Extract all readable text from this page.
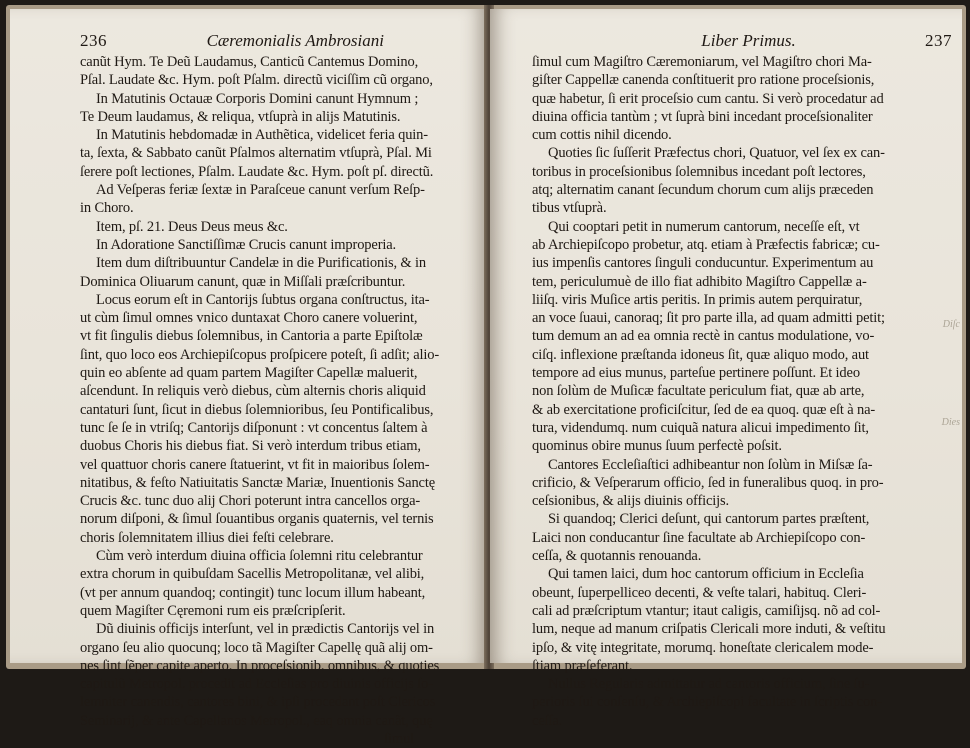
236	Cæremonialis Ambrosiani
canũt Hym. Te Deũ Laudamus, Canticũ Cantemus Domino,
Pſal. Laudate &c. Hym. poſt Pſalm. directũ viciſſim cũ organo,
In Matutinis Octauæ Corporis Domini canunt Hymnum ;
Te Deum laudamus, & reliqua, vtſuprà in alijs Matutinis.
In Matutinis hebdomadæ in Authẽtica, videlicet feria quin-
ta, ſexta, & Sabbato canũt Pſalmos alternatim vtſuprà, Pſal. Mi
ſerere poſt lectiones, Pſalm. Laudate &c. Hym. poſt pſ. directũ.
Ad Veſperas feriæ ſextæ in Paraſceue canunt verſum Reſp-
in Choro.
Item, pſ. 21. Deus Deus meus &c.
In Adoratione Sanctiſſimæ Crucis canunt improperia.
Item dum diſtribuuntur Candelæ in die Purificationis, & in
Dominica Oliuarum canunt, quæ in Miſſali præſcribuntur.
Locus eorum eſt in Cantorijs ſubtus organa conſtructus, ita-
ut cùm ſimul omnes vnico duntaxat Choro canere voluerint,
vt fit ſingulis diebus ſolemnibus, in Cantoria a parte Epiſtolæ
ſint, quo loco eos Archiepiſcopus proſpicere poteſt, ſi adſit; alio-
quin eo abſente ad quam partem Magiſter Capellæ maluerit,
aſcendunt. In reliquis verò diebus, cùm alternis choris aliquid
cantaturi ſunt, ſicut in diebus ſolemnioribus, ſeu Pontificalibus,
tunc ſe ſe in vtriſq; Cantorijs diſponunt : vt concentus ſaltem à
duobus Choris his diebus fiat. Si verò interdum tribus etiam,
vel quattuor choris canere ſtatuerint, vt fit in maioribus ſolem-
nitatibus, & feſto Natiuitatis Sanctæ Mariæ, Inuentionis Sanctę
Crucis &c. tunc duo alij Chori poterunt intra cancellos orga-
norum diſponi, & ſimul ſouantibus organis quaternis, vel ternis
choris ſolemnitatem illius diei feſti celebrare.
Cùm verò interdum diuina officia ſolemni ritu celebrantur
extra chorum in quibuſdam Sacellis Metropolitanæ, vel alibi,
(vt per annum quandoq; contingit) tunc locum illum habeant,
quem Magiſter Cęremoni rum eis præſcripſerit.
Dũ diuinis officijs interſunt, vel in prædictis Cantorijs vel in
organo ſeu alio quocunq; loco tã Magiſter Capellę quã alij om-
nes ſint ſẽper capite aperto. In proceſsionib. omnibus, & quoties
capitulũ Metropol. procedit ad Eccleſias pro diuinis officijs ſo-
lemniter canendis, cantores bini, & ipſi procedant poſt Clericos
Seminarij, & ante Capellanos Metropol., eaq omnia canãt, quę
ſimul
Liber Primus.	237
ſimul cum Magiſtro Cæremoniarum, vel Magiſtro chori Ma-
giſter Cappellæ canenda conſtituerit pro ratione proceſsionis,
quæ habetur, ſi erit proceſsio cum cantu. Si verò procedatur ad
diuina officia tantùm ; vt ſuprà bini incedant proceſsionaliter
cum cottis nihil dicendo.
Quoties ſic ſuſſerit Præfectus chori, Quatuor, vel ſex ex can-
toribus in proceſsionibus ſolemnibus incedant poſt lectores,
atq; alternatim canant ſecundum chorum cum alijs præceden
tibus vtſuprà.
Qui cooptari petit in numerum cantorum, neceſſe eſt, vt
ab Archiepiſcopo probetur, atq. etiam à Præfectis fabricæ; cu-
ius impenſis cantores ſinguli conducuntur. Experimentum au
tem, periculumuè de illo fiat adhibito Magiſtro Cappellæ a-
liiſq. viris Muſice artis peritis. In primis autem perquiratur,
an voce ſuaui, canoraq; ſit pro parte illa, ad quam admitti petit;
tum demum an ad ea omnia rectè in cantus modulatione, vo-
ciſq. inflexione præſtanda idoneus ſit, quæ aliquo modo, aut
tempore ad eius munus, parteſue pertinere poſſunt. Et ideo
non ſolùm de Muſicæ facultate periculum fiat, quæ ab arte,
& ab exercitatione proficiſcitur, ſed de ea quoq. quæ eſt à na-
tura, videndumq. num cuiquã natura alicui impedimento ſit,
quominus obire munus ſuum perfectè poſsit.
Cantores Eccleſiaſtici adhibeantur non ſolùm in Miſsæ ſa-
crificio, & Veſperarum officio, ſed in funeralibus quoq. in pro-
ceſsionibus, & alijs diuinis officijs.
Si quandoq; Clerici deſunt, qui cantorum partes præſtent,
Laici non conducantur ſine facultate ab Archiepiſcopo con-
ceſſa, & quotannis renouanda.
Qui tamen laici, dum hoc cantorum officium in Eccleſia
obeunt, ſuperpelliceo decenti, & veſte talari, habituq. Cleri-
cali ad præſcriptum vtantur; itaut caligis, camiſijsq. nõ ad col-
lum, neque ad manum criſpatis Clericali more induti, & veſtitu
ipſo, & vitę integritate, morumq. honeſtate clericalem mode-
ſtiam præſeferant.
Nullus Regularis admittatur ad cantoris officium, ſine ſu-
perioris ſui conſenſu, & Archiepiſcopi facultate in ſcriptis con-
ceſſa.
Diſc
Dies
